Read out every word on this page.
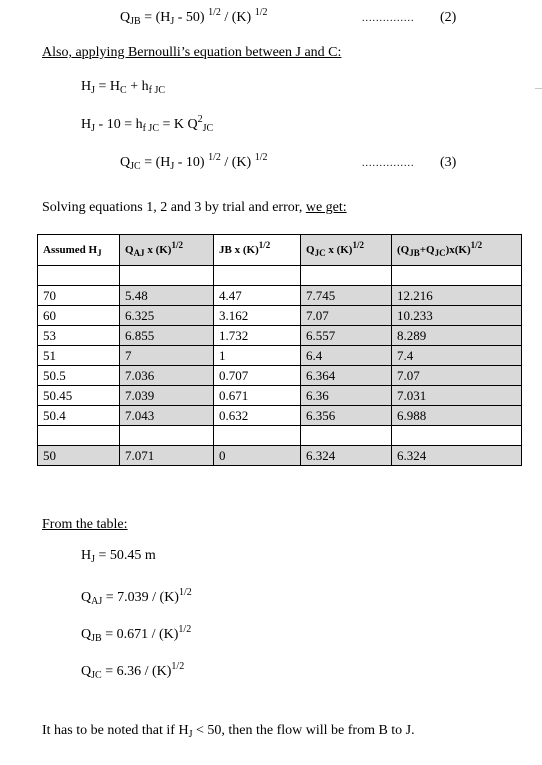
$Q_{JB} = (H_J - 50)$ $^{1/2}$ / (K) $^{1/2}$
............... (2)
Also, applying Bernoulli’s equation between J and C:
$H_J = H_C + h_{f JC}$
$H_J - 10 = h_{f JC} = K$ $Q^2_{JC}$
$Q_{JC} = (H_J - 10)$ $^{1/2}$ / (K) $^{1/2}$
............... (3)
Solving equations 1, 2 and 3 by trial and error, we get:
Assumed $H_J$	$Q_{AJ}$ x $(K)^{1/2}$	JB x $(K)^{1/2}$	$Q_{JC}$ x $(K)^{1/2}$	$(Q_{JB}+Q_{JC})x(K)^{1/2}$

70	5.48	4.47	7.745	12.216
60	6.325	3.162	7.07	10.233
53	6.855	1.732	6.557	8.289
51	7	1	6.4	7.4
50.5	7.036	0.707	6.364	7.07
50.45	7.039	0.671	6.36	7.031
50.4	7.043	0.632	6.356	6.988

50	7.071	0	6.324	6.324
From the table:
$H_J = 50.45$ m
$Q_{AJ} = 7.039 / (K)^{1/2}$
$Q_{JB} = 0.671 / (K)^{1/2}$
$Q_{JC} = 6.36 / (K)^{1/2}$
It has to be noted that if $H_J < 50$, then the flow will be from B to J.
